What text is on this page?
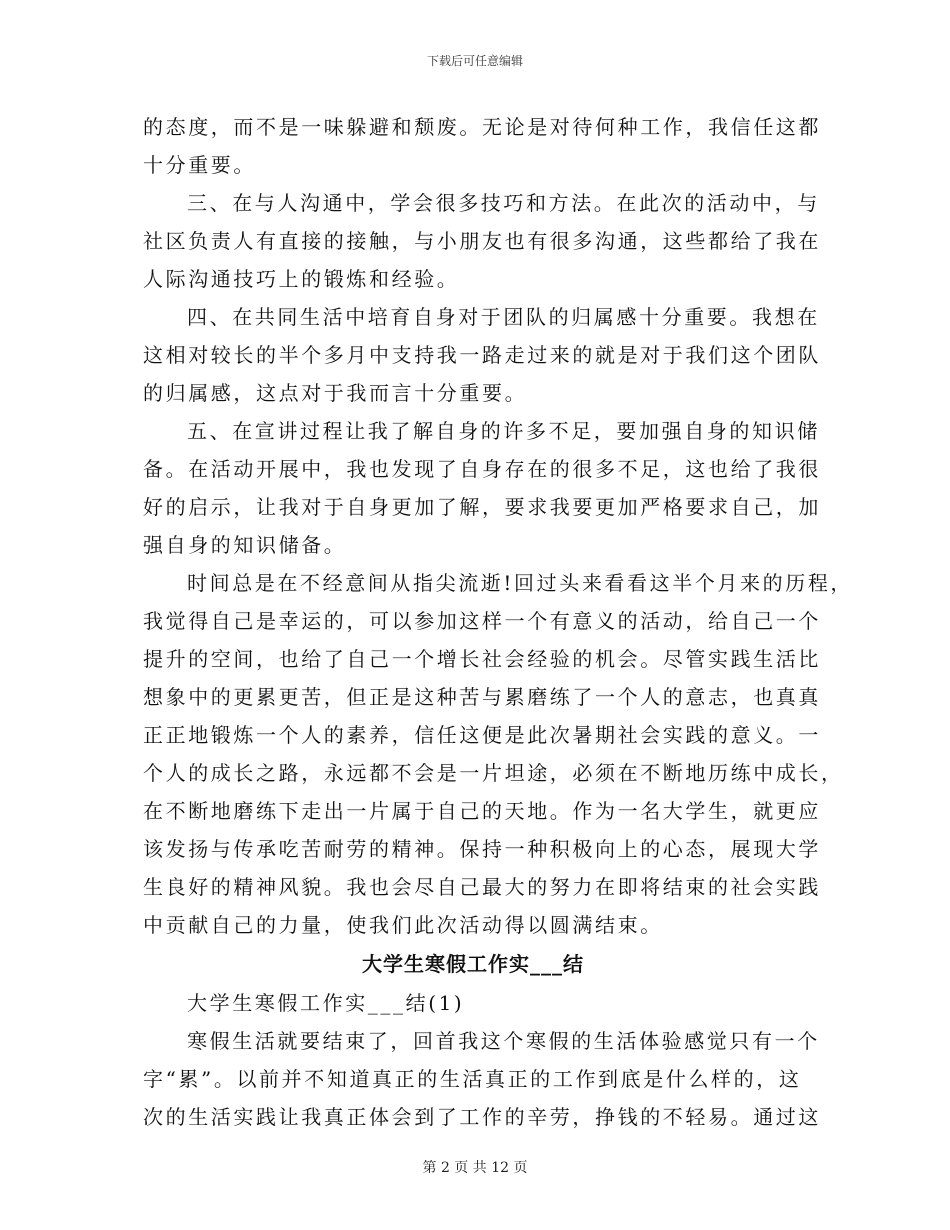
下载后可任意编辑
的态度，而不是一味躲避和颓废。无论是对待何种工作，我信任这都
十分重要。
三、在与人沟通中，学会很多技巧和方法。在此次的活动中，与
社区负责人有直接的接触，与小朋友也有很多沟通，这些都给了我在
人际沟通技巧上的锻炼和经验。
四、在共同生活中培育自身对于团队的归属感十分重要。我想在
这相对较长的半个多月中支持我一路走过来的就是对于我们这个团队
的归属感，这点对于我而言十分重要。
五、在宣讲过程让我了解自身的许多不足，要加强自身的知识储
备。在活动开展中，我也发现了自身存在的很多不足，这也给了我很
好的启示，让我对于自身更加了解，要求我要更加严格要求自己，加
强自身的知识储备。
时间总是在不经意间从指尖流逝!回过头来看看这半个月来的历程，
我觉得自己是幸运的，可以参加这样一个有意义的活动，给自己一个
提升的空间，也给了自己一个增长社会经验的机会。尽管实践生活比
想象中的更累更苦，但正是这种苦与累磨练了一个人的意志，也真真
正正地锻炼一个人的素养，信任这便是此次暑期社会实践的意义。一
个人的成长之路，永远都不会是一片坦途，必须在不断地历练中成长，
在不断地磨练下走出一片属于自己的天地。作为一名大学生，就更应
该发扬与传承吃苦耐劳的精神。保持一种积极向上的心态，展现大学
生良好的精神风貌。我也会尽自己最大的努力在即将结束的社会实践
中贡献自己的力量，使我们此次活动得以圆满结束。
大学生寒假工作实___结
大学生寒假工作实___结(1)
寒假生活就要结束了，回首我这个寒假的生活体验感觉只有一个
字“累”。以前并不知道真正的生活真正的工作到底是什么样的，这
次的生活实践让我真正体会到了工作的辛劳，挣钱的不轻易。通过这
第 2 页 共 12 页
